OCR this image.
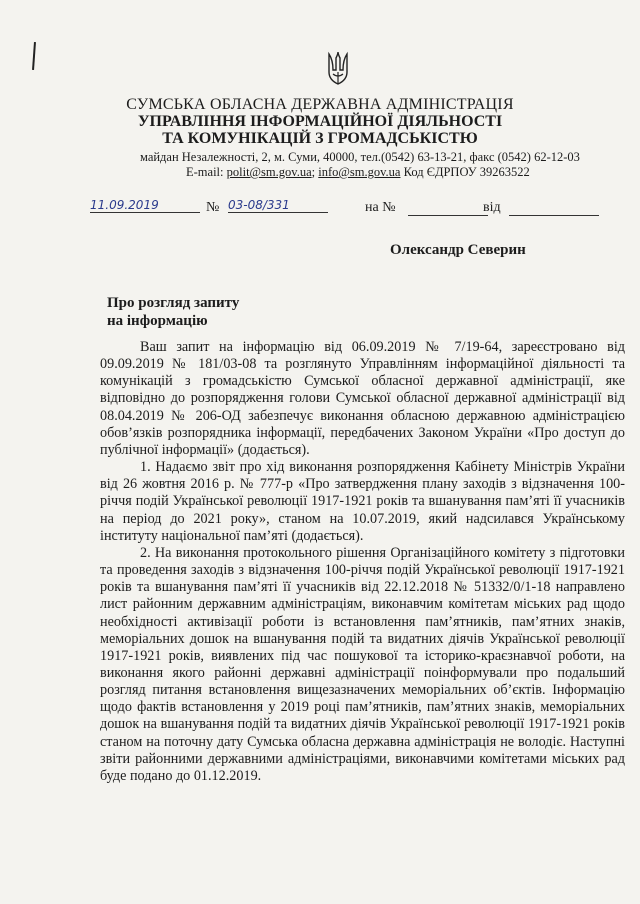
СУМСЬКА ОБЛАСНА ДЕРЖАВНА АДМІНІСТРАЦІЯ
УПРАВЛІННЯ ІНФОРМАЦІЙНОЇ ДІЯЛЬНОСТІ
ТА КОМУНІКАЦІЙ З ГРОМАДСЬКІСТЮ
майдан Незалежності, 2, м. Суми, 40000, тел.(0542) 63-13-21, факс (0542) 62-12-03
E-mail: polit@sm.gov.ua; info@sm.gov.ua Код ЄДРПОУ 39263522
11.09.2019	№ 03-08/331	на №	від
Олександр Северин
Про розгляд запиту
на інформацію

Ваш запит на інформацію від 06.09.2019 № 7/19-64, зареєстровано від 09.09.2019 № 181/03-08 та розглянуто Управлінням інформаційної діяльності та комунікацій з громадськістю Сумської обласної державної адміністрації, яке відповідно до розпорядження голови Сумської обласної державної адміністрації від 08.04.2019 № 206-ОД забезпечує виконання обласною державною адміністрацією обов’язків розпорядника інформації, передбачених Законом України «Про доступ до публічної інформації» (додається).

1. Надаємо звіт про хід виконання розпорядження Кабінету Міністрів України від 26 жовтня 2016 р. № 777-р «Про затвердження плану заходів з відзначення 100-річчя подій Української революції 1917-1921 років та вшанування пам’яті її учасників на період до 2021 року», станом на 10.07.2019, який надсилався Українському інституту національної пам’яті (додається).

2. На виконання протокольного рішення Організаційного комітету з підготовки та проведення заходів з відзначення 100-річчя подій Української революції 1917-1921 років та вшанування пам’яті її учасників від 22.12.2018 № 51332/0/1-18 направлено лист районним державним адміністраціям, виконавчим комітетам міських рад щодо необхідності активізації роботи із встановлення пам’ятників, пам’ятних знаків, меморіальних дошок на вшанування подій та видатних діячів Української революції 1917-1921 років, виявлених під час пошукової та історико-краєзнавчої роботи, на виконання якого районні державні адміністрації поінформували про подальший розгляд питання встановлення вищезазначених меморіальних об’єктів. Інформацію щодо фактів встановлення у 2019 році пам’ятників, пам’ятних знаків, меморіальних дошок на вшанування подій та видатних діячів Української революції 1917-1921 років станом на поточну дату Сумська обласна державна адміністрація не володіє. Наступні звіти районними державними адміністраціями, виконавчими комітетами міських рад буде подано до 01.12.2019.
